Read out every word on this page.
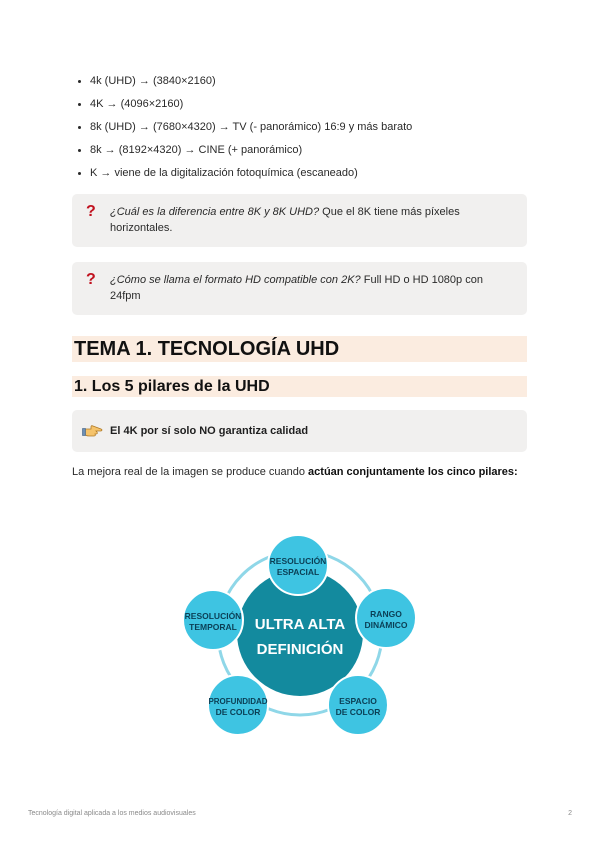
• 4k (UHD) → (3840×2160)
• 4K → (4096×2160)
• 8k (UHD) → (7680×4320) → TV (- panorámico) 16:9 y más barato
• 8k → (8192×4320) → CINE (+ panorámico)
• K → viene de la digitalización fotoquímica (escaneado)
? ¿Cuál es la diferencia entre 8K y 8K UHD? Que el 8K tiene más píxeles horizontales.
? ¿Cómo se llama el formato HD compatible con 2K? Full HD o HD 1080p con 24fpm
TEMA 1. TECNOLOGÍA UHD
1. Los 5 pilares de la UHD
El 4K por sí solo NO garantiza calidad
La mejora real de la imagen se produce cuando actúan conjuntamente los cinco pilares:
ULTRA ALTA
DEFINICIÓN
RESOLUCIÓN
ESPACIAL
RANGO
DINÁMICO
ESPACIO
DE COLOR
PROFUNDIDAD
DE COLOR
RESOLUCIÓN
TEMPORAL
Tecnología digital aplicada a los medios audiovisuales	2
